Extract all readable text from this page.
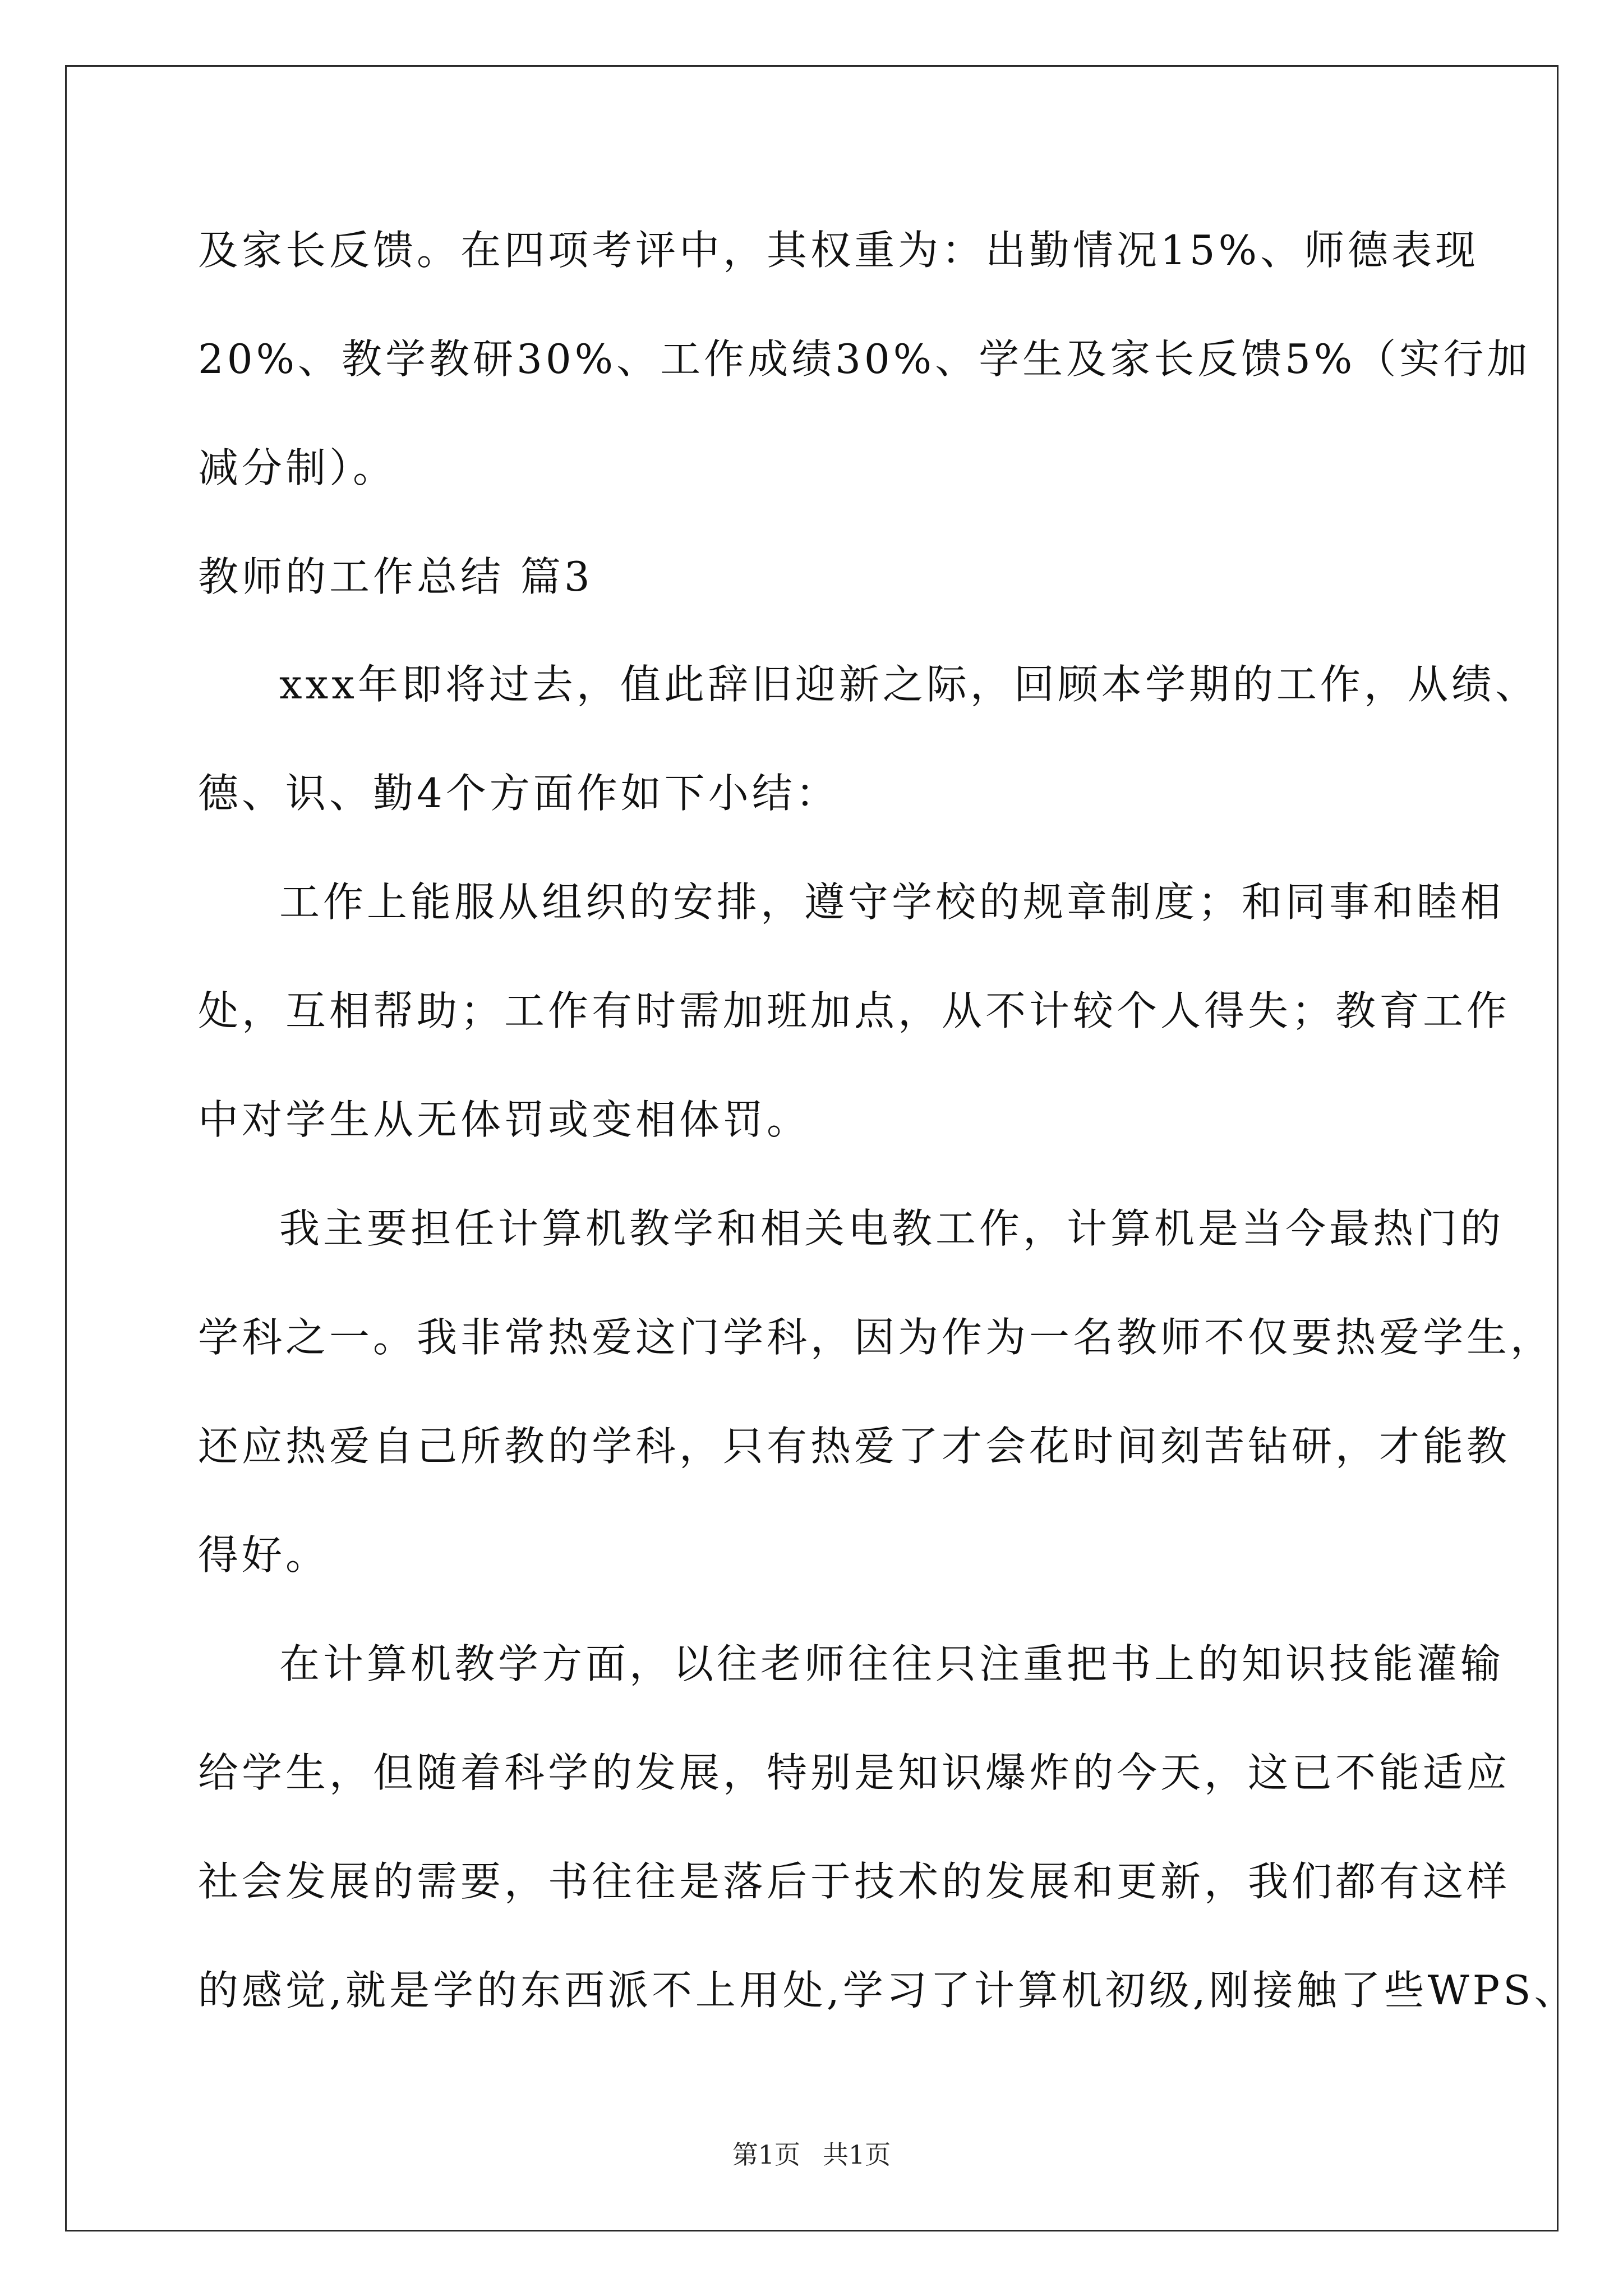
及家长反馈。在四项考评中，其权重为：出勤情况15%、师德表现
20%、教学教研30%、工作成绩30%、学生及家长反馈5%（实行加
减分制）。
教师的工作总结 篇3
xxx年即将过去，值此辞旧迎新之际，回顾本学期的工作，从绩、
德、识、勤4个方面作如下小结：
工作上能服从组织的安排，遵守学校的规章制度；和同事和睦相
处，互相帮助；工作有时需加班加点，从不计较个人得失；教育工作
中对学生从无体罚或变相体罚。
我主要担任计算机教学和相关电教工作，计算机是当今最热门的
学科之一。我非常热爱这门学科，因为作为一名教师不仅要热爱学生，
还应热爱自己所教的学科，只有热爱了才会花时间刻苦钻研，才能教
得好。
在计算机教学方面，以往老师往往只注重把书上的知识技能灌输
给学生，但随着科学的发展，特别是知识爆炸的今天，这已不能适应
社会发展的需要，书往往是落后于技术的发展和更新，我们都有这样
的感觉,就是学的东西派不上用处,学习了计算机初级,刚接触了些WPS、
第1页 共1页
